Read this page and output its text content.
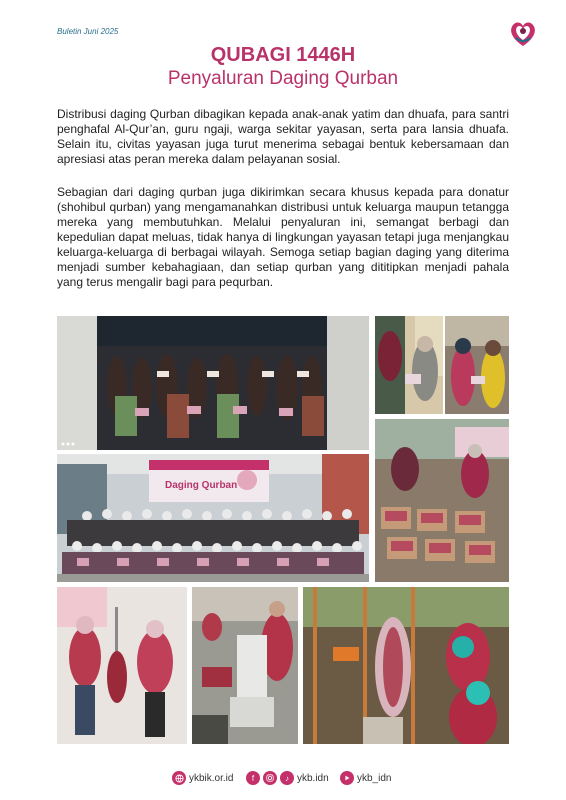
Buletin Juni 2025
QUBAGI 1446H
Penyaluran Daging Qurban
Distribusi daging Qurban dibagikan kepada anak-anak yatim dan dhuafa, para santri penghafal Al-Qur’an, guru ngaji, warga sekitar yayasan, serta para lansia dhuafa. Selain itu, civitas yayasan juga turut menerima sebagai bentuk kebersamaan dan apresiasi atas peran mereka dalam pelayanan sosial.
Sebagian dari daging qurban juga dikirimkan secara khusus kepada para donatur (shohibul qurban) yang mengamanahkan distribusi untuk keluarga maupun tetangga mereka yang membutuhkan. Melalui penyaluran ini, semangat berbagi dan kepedulian dapat meluas, tidak hanya di lingkungan yayasan tetapi juga menjangkau keluarga-keluarga di berbagai wilayah. Semoga setiap bagian daging yang diterima menjadi sumber kebahagiaan, dan setiap qurban yang dititipkan menjadi pahala yang terus mengalir bagi para pequrban.
Daging Qurban
ykbik.or.id	f	♪ ykb.idn	ykb_idn
